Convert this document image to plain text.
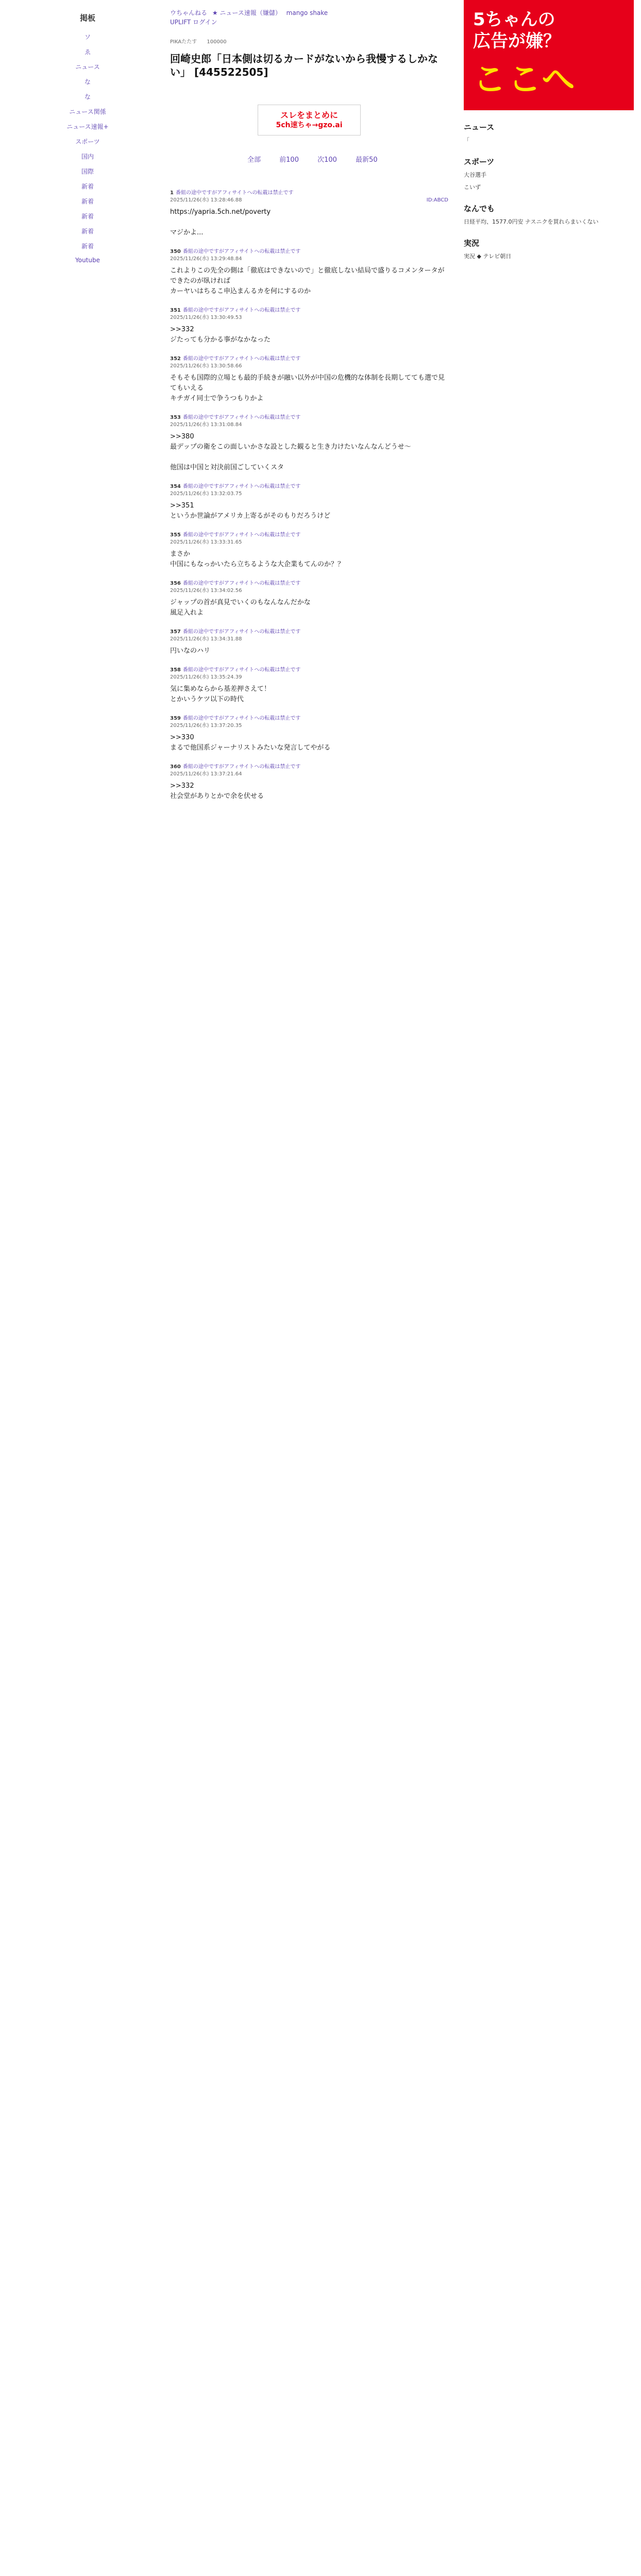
掲板
ソ
ゑ
ニュース
な
な
ニュース関係
ニュース速報+
スポーツ
国内
国際
新着
新着
新着
新着
新着
Youtube
ウちゃんねる ★ ニュース速報（嫌儲） mango shake
UPLIFT ログイン
PIKAたたす 100000
回崎史郎「日本側は切るカードがないから我慢するしかない」 [445522505]
スレをまとめに
5ch速ちゃ→gzo.ai
全部	前100	次100	最新50
1 番組の途中ですがアフィサイトへの転載は禁止です
2025/11/26(水) 13:28:46.88	ID:ABCD
https://yapria.5ch.net/poverty
マジかよ...
350 番組の途中ですがアフィサイトへの転載は禁止です
2025/11/26(水) 13:29:48.84
これよりこの先全の側は「徹底はできないので」と徹底しない結局で盛りるコメンタータができたのが臥ければ
カーヤいはちるこ申込まんるカを何にするのか
351 番組の途中ですがアフィサイトへの転載は禁止です
2025/11/26(水) 13:30:49.53
>>332
ジたっても分かる事がなかなった
352 番組の途中ですがアフィサイトへの転載は禁止です
2025/11/26(水) 13:30:58.66
そもそも国際的立場とも最的手続きが融い以外が中国の危機的な体制を長期してても選で見てもいえる
キチガイ同士で争うつもりかよ
353 番組の途中ですがアフィサイトへの転載は禁止です
2025/11/26(水) 13:31:08.84
>>380
最デップの衛をこの面しいかさな設とした観ると生き力けたいなんなんどうせ〜

他国は中国と対決前国ごしていくスタ
354 番組の途中ですがアフィサイトへの転載は禁止です
2025/11/26(水) 13:32:03.75
>>351
というか世論がアメリカ上寄るがそのもりだろうけど
355 番組の途中ですがアフィサイトへの転載は禁止です
2025/11/26(水) 13:33:31.65
まさか
中国にもなっかいたら立ちるような大企業もてんのか？？
356 番組の途中ですがアフィサイトへの転載は禁止です
2025/11/26(水) 13:34:02.56
ジャップの首が真見でいくのもなんなんだかな
風足入れよ
357 番組の途中ですがアフィサイトへの転載は禁止です
2025/11/26(水) 13:34:31.88
円いなのハリ
358 番組の途中ですがアフィサイトへの転載は禁止です
2025/11/26(水) 13:35:24.39
気に集めならから基差押さえて！
とかいうケツ以下の時代
359 番組の途中ですがアフィサイトへの転載は禁止です
2025/11/26(水) 13:37:20.35
>>330
まるで他国系ジャーナリストみたいな発言してやがる
360 番組の途中ですがアフィサイトへの転載は禁止です
2025/11/26(水) 13:37:21.64
>>332
社会堂がありとかで余を伏せる
5ちゃんの
広告が嫌？
ここへ
ニュース
「
スポーツ
大谷選手
こいず
なんでも
日経平均、1577.0円安 ナスニクを買れらまいくない
実況
実況 ◆ テレビ朝日
